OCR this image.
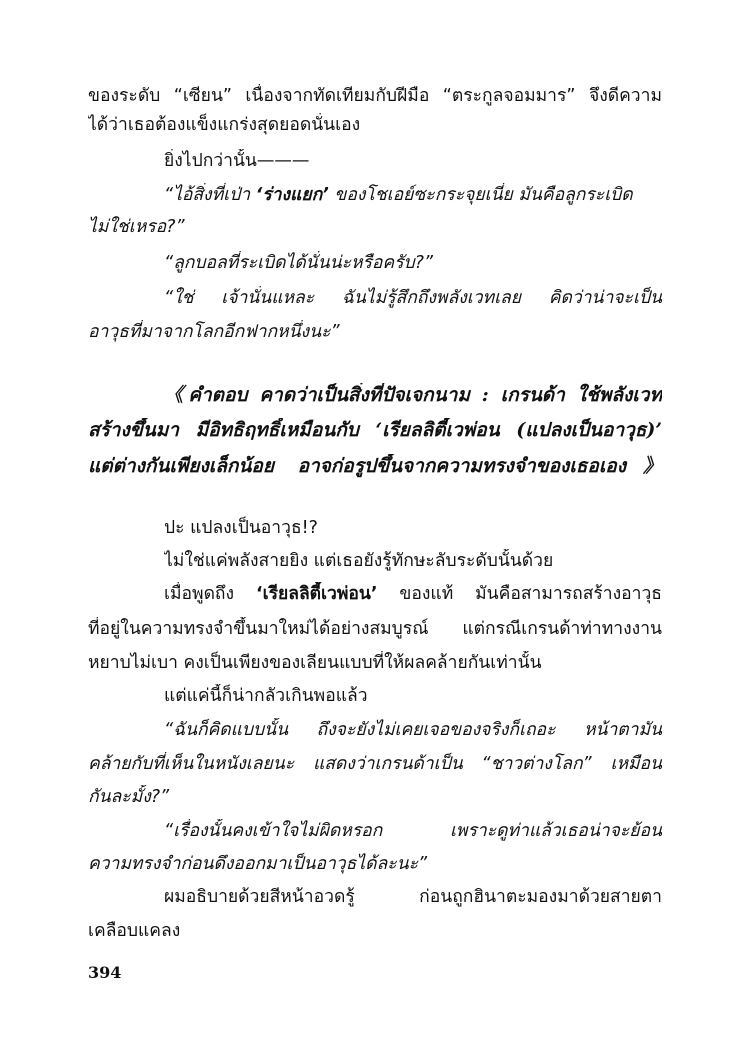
ของระดับ “เซียน” เนื่องจากทัดเทียมกับฝีมือ “ตระกูลจอมมาร” จึงดีความ
ได้ว่าเธอต้องแข็งแกร่งสุดยอดนั่นเอง
ยิ่งไปกว่านั้น———
“ไอ้สิ่งที่เป่า ‘ร่างแยก’ ของโชเอย์ซะกระจุยเนี่ย มันคือลูกระเบิด
ไม่ใช่เหรอ?”
“ลูกบอลที่ระเบิดได้นั่นน่ะหรือครับ?”
“ใช่ เจ้านั่นแหละ ฉันไม่รู้สึกถึงพลังเวทเลย คิดว่าน่าจะเป็น
อาวุธที่มาจากโลกอีกฟากหนึ่งนะ”
《คำตอบ คาดว่าเป็นสิ่งที่ปัจเจกนาม : เกรนด้า ใช้พลังเวท
สร้างขึ้นมา มีอิทธิฤทธิ์เหมือนกับ ‘เรียลลิตี้เวพ่อน (แปลงเป็นอาวุธ)’
แต่ต่างกันเพียงเล็กน้อย อาจก่อรูปขึ้นจากความทรงจำของเธอเอง》
ปะ แปลงเป็นอาวุธ!?
ไม่ใช่แค่พลังสายยิง แต่เธอยังรู้ทักษะลับระดับนั้นด้วย
เมื่อพูดถึง ‘เรียลลิตี้เวพ่อน’ ของแท้ มันคือสามารถสร้างอาวุธ
ที่อยู่ในความทรงจำขึ้นมาใหม่ได้อย่างสมบูรณ์ แต่กรณีเกรนด้าท่าทางงาน
หยาบไม่เบา คงเป็นเพียงของเลียนแบบที่ให้ผลคล้ายกันเท่านั้น
แต่แค่นี้ก็น่ากลัวเกินพอแล้ว
“ฉันก็คิดแบบนั้น ถึงจะยังไม่เคยเจอของจริงก็เถอะ หน้าตามัน
คล้ายกับที่เห็นในหนังเลยนะ แสดงว่าเกรนด้าเป็น “ชาวต่างโลก” เหมือน
กันละมั้ง?”
“เรื่องนั้นคงเข้าใจไม่ผิดหรอก เพราะดูท่าแล้วเธอน่าจะย้อน
ความทรงจำก่อนดึงออกมาเป็นอาวุธได้ละนะ”
ผมอธิบายด้วยสีหน้าอวดรู้ ก่อนถูกฮินาตะมองมาด้วยสายตา
เคลือบแคลง
394
